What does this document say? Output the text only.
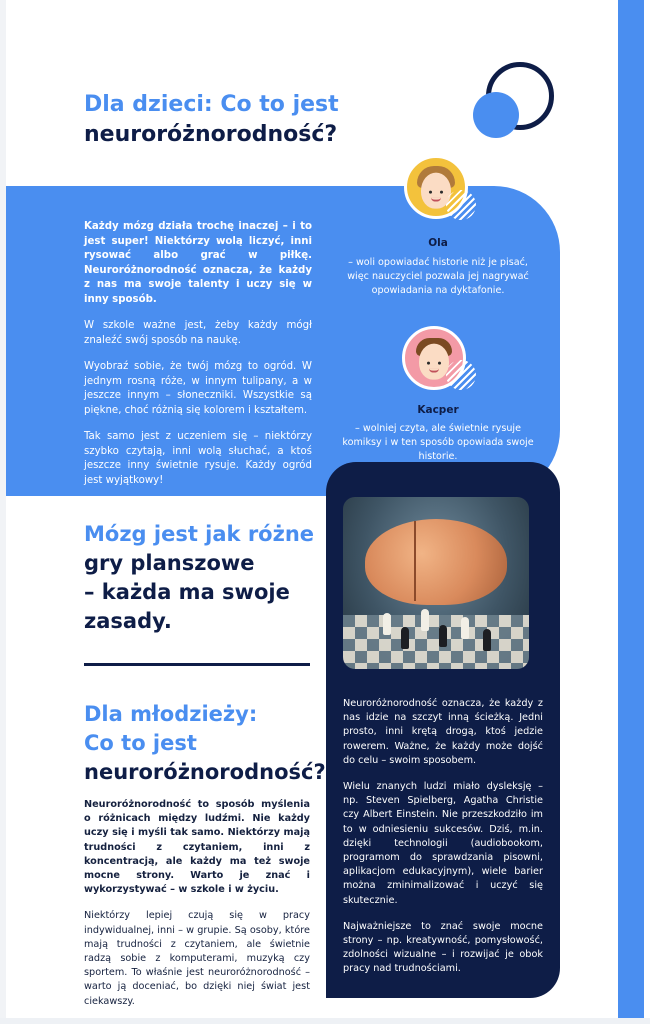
Dla dzieci: Co to jest
neuroróżnorodność?

Każdy mózg działa trochę inaczej – i to jest super! Niektórzy wolą liczyć, inni rysować albo grać w piłkę. Neuroróżnorodność oznacza, że każdy z nas ma swoje talenty i uczy się w inny sposób.

W szkole ważne jest, żeby każdy mógł znaleźć swój sposób na naukę.

Wyobraź sobie, że twój mózg to ogród. W jednym rosną róże, w innym tulipany, a w jeszcze innym – słoneczniki. Wszystkie są piękne, choć różnią się kolorem i kształtem.

Tak samo jest z uczeniem się – niektórzy szybko czytają, inni wolą słuchać, a ktoś jeszcze inny świetnie rysuje. Każdy ogród jest wyjątkowy!

Ola
– woli opowiadać historie niż je pisać, więc nauczyciel pozwala jej nagrywać opowiadania na dyktafonie.
Kacper
– wolniej czyta, ale świetnie rysuje komiksy i w ten sposób opowiada swoje historie.
Mózg jest jak różne
gry planszowe
– każda ma swoje
zasady.
Dla młodzieży:
Co to jest
neuroróżnorodność?

Neuroróżnorodność to sposób myślenia o różnicach między ludźmi. Nie każdy uczy się i myśli tak samo. Niektórzy mają trudności z czytaniem, inni z koncentracją, ale każdy ma też swoje mocne strony. Warto je znać i wykorzystywać – w szkole i w życiu.

Niektórzy lepiej czują się w pracy indywidualnej, inni – w grupie. Są osoby, które mają trudności z czytaniem, ale świetnie radzą sobie z komputerami, muzyką czy sportem. To właśnie jest neuroróżnorodność – warto ją doceniać, bo dzięki niej świat jest ciekawszy.

Neuroróżnorodność oznacza, że każdy z nas idzie na szczyt inną ścieżką. Jedni prosto, inni krętą drogą, ktoś jedzie rowerem. Ważne, że każdy może dojść do celu – swoim sposobem.

Wielu znanych ludzi miało dysleksję – np. Steven Spielberg, Agatha Christie czy Albert Einstein. Nie przeszkodziło im to w odniesieniu sukcesów. Dziś, m.in. dzięki technologii (audiobookom, programom do sprawdzania pisowni, aplikacjom edukacyjnym), wiele barier można zminimalizować i uczyć się skutecznie.

Najważniejsze to znać swoje mocne strony – np. kreatywność, pomysłowość, zdolności wizualne – i rozwijać je obok pracy nad trudnościami.
